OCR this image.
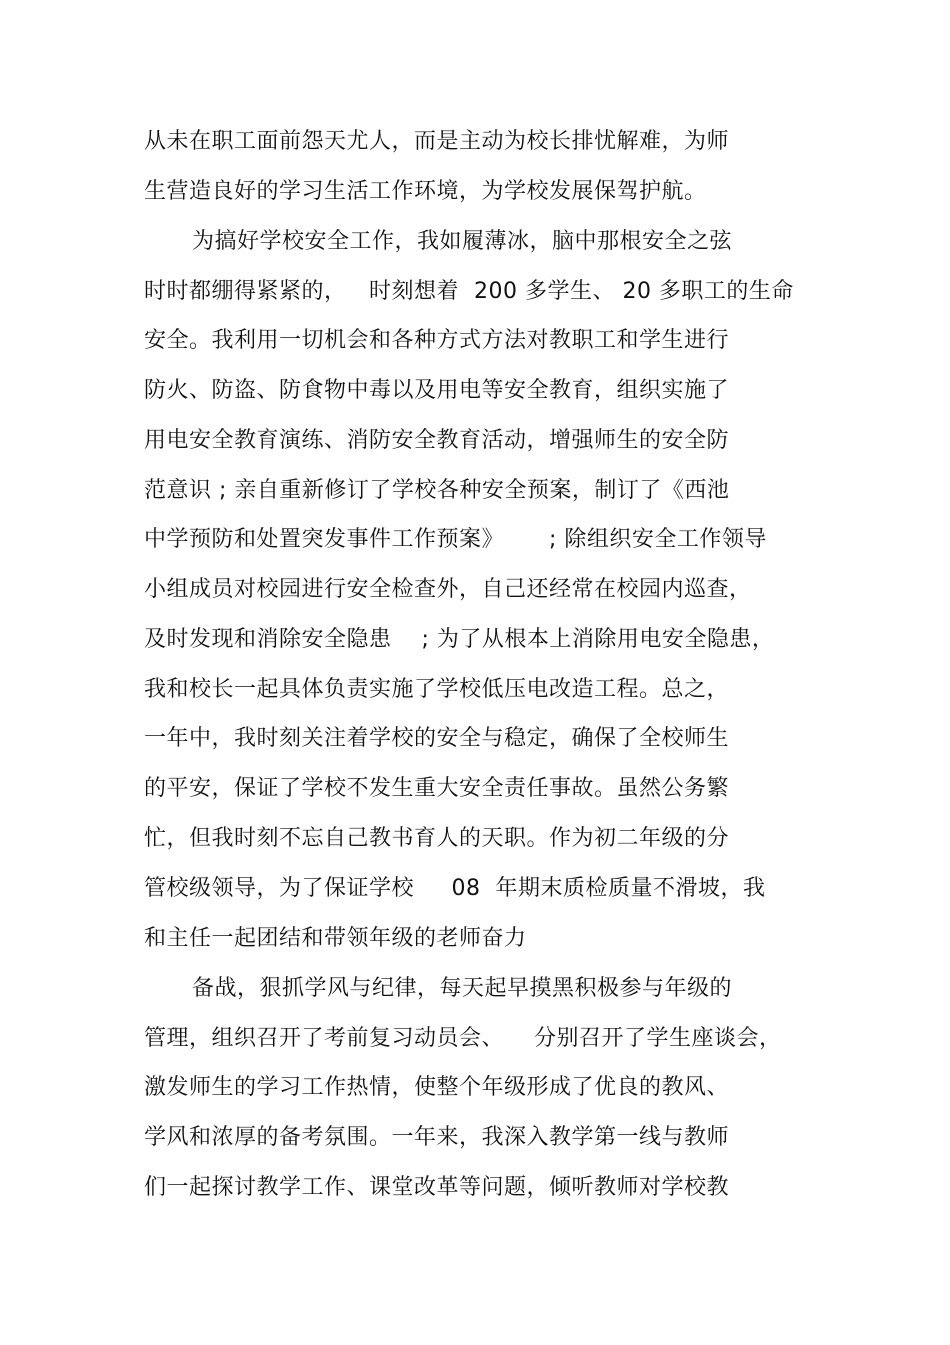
从未在职工面前怨天尤人，而是主动为校长排忧解难，为师
生营造良好的学习生活工作环境，为学校发展保驾护航。
为搞好学校安全工作，我如履薄冰，脑中那根安全之弦
时时都绷得紧紧的，   时刻想着  200 多学生、 20 多职工的生命
安全。我利用一切机会和各种方式方法对教职工和学生进行
防火、防盗、防食物中毒以及用电等安全教育，组织实施了
用电安全教育演练、消防安全教育活动，增强师生的安全防
范意识 ; 亲自重新修订了学校各种安全预案，制订了《西池
中学预防和处置突发事件工作预案》      ; 除组织安全工作领导
小组成员对校园进行安全检查外，自己还经常在校园内巡查，
及时发现和消除安全隐患    ; 为了从根本上消除用电安全隐患，
我和校长一起具体负责实施了学校低压电改造工程。总之，
一年中，我时刻关注着学校的安全与稳定，确保了全校师生
的平安，保证了学校不发生重大安全责任事故。虽然公务繁
忙，但我时刻不忘自己教书育人的天职。作为初二年级的分
管校级领导，为了保证学校     08  年期末质检质量不滑坡，我
和主任一起团结和带领年级的老师奋力
备战，狠抓学风与纪律，每天起早摸黑积极参与年级的
管理，组织召开了考前复习动员会、    分别召开了学生座谈会，
激发师生的学习工作热情，使整个年级形成了优良的教风、
学风和浓厚的备考氛围。一年来，我深入教学第一线与教师
们一起探讨教学工作、课堂改革等问题，倾听教师对学校教
